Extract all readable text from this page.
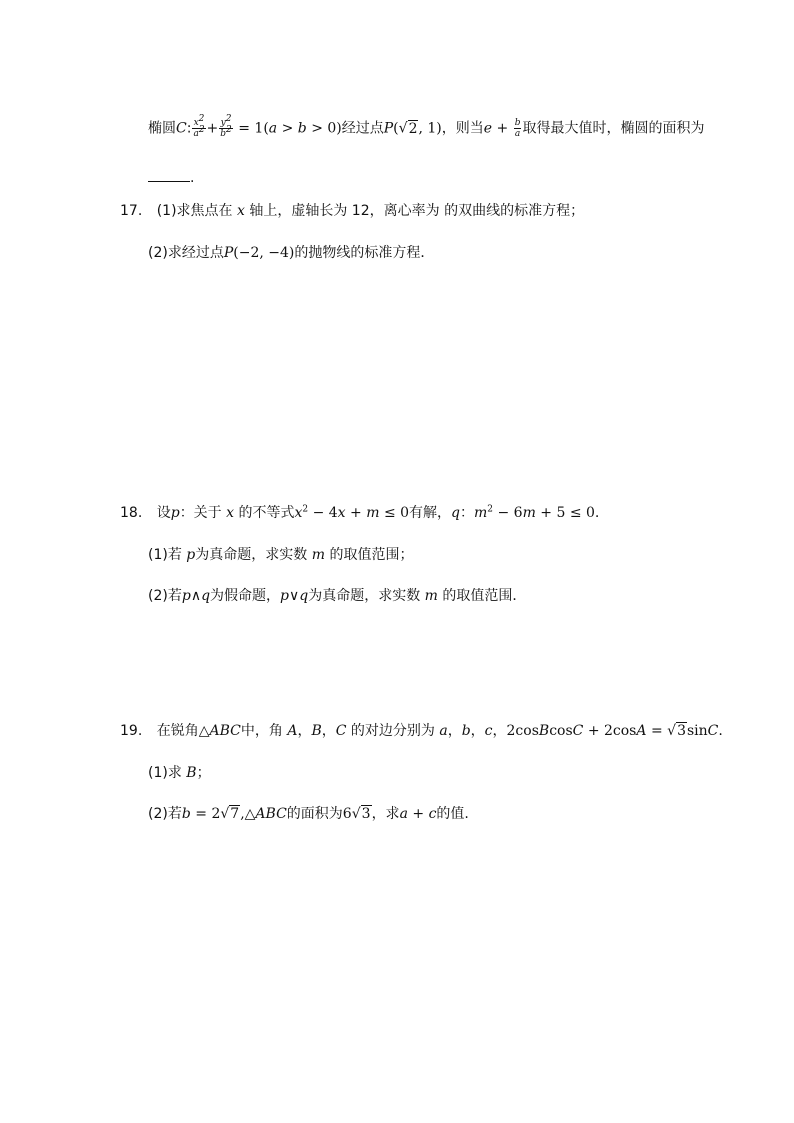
椭圆C: $\frac{x^2}{a^2} + \frac{y^2}{b^2} = 1(a > b > 0)$经过点P(√2, 1)，则当$e + \frac{b}{a}$ 取得最大值时，椭圆的面积为
.
17. (1)求焦点在 x 轴上，虚轴长为 12，离心率为 的双曲线的标准方程；
(2)求经过点P(−2, −4)的抛物线的标准方程．
18. 设p：关于 x 的不等式$x^2 - 4x + m \le 0$有解，q：$m^2 - 6m + 5 \le 0$.
(1)若 p为真命题，求实数 m 的取值范围；
(2)若p∧q为假命题，p∨q为真命题，求实数 m 的取值范围．
19. 在锐角△ABC中，角 A，B，C 的对边分别为 a，b，c，2cosBcosC + 2cosA = √3sinC.
(1)求 B；
(2)若b = 2√7,△ABC的面积为6√3，求a + c的值.
